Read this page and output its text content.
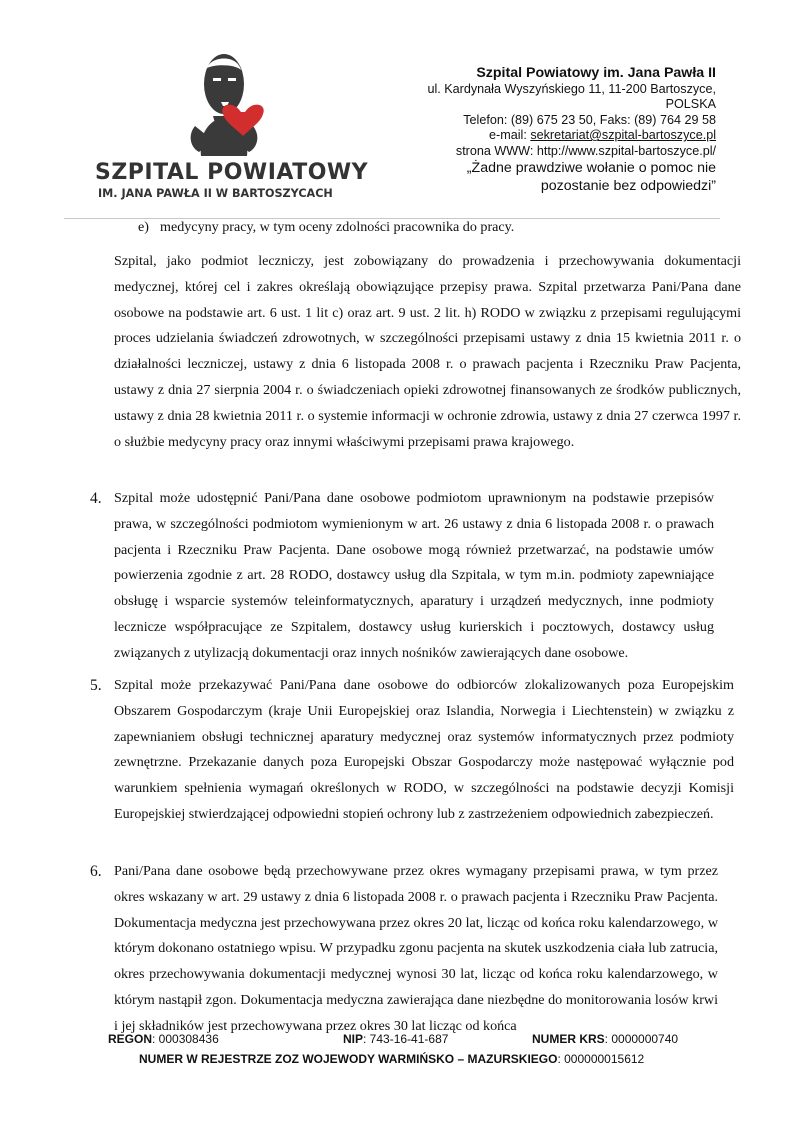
SZPITAL POWIATOWY
IM. JANA PAWŁA II W BARTOSZYCACH
Szpital Powiatowy im. Jana Pawła II
ul. Kardynała Wyszyńskiego 11, 11-200 Bartoszyce,
POLSKA
Telefon: (89) 675 23 50, Faks: (89) 764 29 58
e-mail: sekretariat@szpital-bartoszyce.pl
strona WWW: http://www.szpital-bartoszyce.pl/
„Żadne prawdziwe wołanie o pomoc nie
pozostanie bez odpowiedzi”
e) medycyny pracy, w tym oceny zdolności pracownika do pracy.
Szpital, jako podmiot leczniczy, jest zobowiązany do prowadzenia i przechowywania dokumentacji medycznej, której cel i zakres określają obowiązujące przepisy prawa. Szpital przetwarza Pani/Pana dane osobowe na podstawie art. 6 ust. 1 lit c) oraz art. 9 ust. 2 lit. h) RODO w związku z przepisami regulującymi proces udzielania świadczeń zdrowotnych, w szczególności przepisami ustawy z dnia 15 kwietnia 2011 r. o działalności leczniczej, ustawy z dnia 6 listopada 2008 r. o prawach pacjenta i Rzeczniku Praw Pacjenta, ustawy z dnia 27 sierpnia 2004 r. o świadczeniach opieki zdrowotnej finansowanych ze środków publicznych, ustawy z dnia 28 kwietnia 2011 r. o systemie informacji w ochronie zdrowia, ustawy z dnia 27 czerwca 1997 r. o służbie medycyny pracy oraz innymi właściwymi przepisami prawa krajowego.
4. Szpital może udostępnić Pani/Pana dane osobowe podmiotom uprawnionym na podstawie przepisów prawa, w szczególności podmiotom wymienionym w art. 26 ustawy z dnia 6 listopada 2008 r. o prawach pacjenta i Rzeczniku Praw Pacjenta. Dane osobowe mogą również przetwarzać, na podstawie umów powierzenia zgodnie z art. 28 RODO, dostawcy usług dla Szpitala, w tym m.in. podmioty zapewniające obsługę i wsparcie systemów teleinformatycznych, aparatury i urządzeń medycznych, inne podmioty lecznicze współpracujące ze Szpitalem, dostawcy usług kurierskich i pocztowych, dostawcy usług związanych z utylizacją dokumentacji oraz innych nośników zawierających dane osobowe.
5. Szpital może przekazywać Pani/Pana dane osobowe do odbiorców zlokalizowanych poza Europejskim Obszarem Gospodarczym (kraje Unii Europejskiej oraz Islandia, Norwegia i Liechtenstein) w związku z zapewnianiem obsługi technicznej aparatury medycznej oraz systemów informatycznych przez podmioty zewnętrzne. Przekazanie danych poza Europejski Obszar Gospodarczy może następować wyłącznie pod warunkiem spełnienia wymagań określonych w RODO, w szczególności na podstawie decyzji Komisji Europejskiej stwierdzającej odpowiedni stopień ochrony lub z zastrzeżeniem odpowiednich zabezpieczeń.
6. Pani/Pana dane osobowe będą przechowywane przez okres wymagany przepisami prawa, w tym przez okres wskazany w art. 29 ustawy z dnia 6 listopada 2008 r. o prawach pacjenta i Rzeczniku Praw Pacjenta. Dokumentacja medyczna jest przechowywana przez okres 20 lat, licząc od końca roku kalendarzowego, w którym dokonano ostatniego wpisu. W przypadku zgonu pacjenta na skutek uszkodzenia ciała lub zatrucia, okres przechowywania dokumentacji medycznej wynosi 30 lat, licząc od końca roku kalendarzowego, w którym nastąpił zgon. Dokumentacja medyczna zawierająca dane niezbędne do monitorowania losów krwi i jej składników jest przechowywana przez okres 30 lat licząc od końca
REGON: 000308436	NIP: 743-16-41-687	NUMER KRS: 0000000740
NUMER W REJESTRZE ZOZ WOJEWODY WARMIŃSKO – MAZURSKIEGO: 000000015612
